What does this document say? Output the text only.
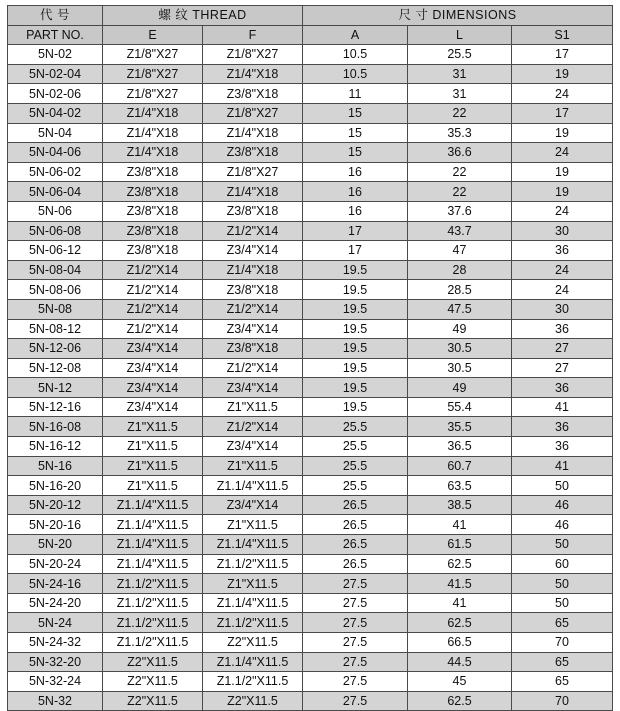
代 号	螺 纹 THREAD		尺 寸 DIMENSIONS		
PART NO.	E	F	A	L	S1
5N-02	Z1/8"X27	Z1/8"X27	10.5	25.5	17
5N-02-04	Z1/8"X27	Z1/4"X18	10.5	31	19
5N-02-06	Z1/8"X27	Z3/8"X18	11	31	24
5N-04-02	Z1/4"X18	Z1/8"X27	15	22	17
5N-04	Z1/4"X18	Z1/4"X18	15	35.3	19
5N-04-06	Z1/4"X18	Z3/8"X18	15	36.6	24
5N-06-02	Z3/8"X18	Z1/8"X27	16	22	19
5N-06-04	Z3/8"X18	Z1/4"X18	16	22	19
5N-06	Z3/8"X18	Z3/8"X18	16	37.6	24
5N-06-08	Z3/8"X18	Z1/2"X14	17	43.7	30
5N-06-12	Z3/8"X18	Z3/4"X14	17	47	36
5N-08-04	Z1/2"X14	Z1/4"X18	19.5	28	24
5N-08-06	Z1/2"X14	Z3/8"X18	19.5	28.5	24
5N-08	Z1/2"X14	Z1/2"X14	19.5	47.5	30
5N-08-12	Z1/2"X14	Z3/4"X14	19.5	49	36
5N-12-06	Z3/4"X14	Z3/8"X18	19.5	30.5	27
5N-12-08	Z3/4"X14	Z1/2"X14	19.5	30.5	27
5N-12	Z3/4"X14	Z3/4"X14	19.5	49	36
5N-12-16	Z3/4"X14	Z1"X11.5	19.5	55.4	41
5N-16-08	Z1"X11.5	Z1/2"X14	25.5	35.5	36
5N-16-12	Z1"X11.5	Z3/4"X14	25.5	36.5	36
5N-16	Z1"X11.5	Z1"X11.5	25.5	60.7	41
5N-16-20	Z1"X11.5	Z1.1/4"X11.5	25.5	63.5	50
5N-20-12	Z1.1/4"X11.5	Z3/4"X14	26.5	38.5	46
5N-20-16	Z1.1/4"X11.5	Z1"X11.5	26.5	41	46
5N-20	Z1.1/4"X11.5	Z1.1/4"X11.5	26.5	61.5	50
5N-20-24	Z1.1/4"X11.5	Z1.1/2"X11.5	26.5	62.5	60
5N-24-16	Z1.1/2"X11.5	Z1"X11.5	27.5	41.5	50
5N-24-20	Z1.1/2"X11.5	Z1.1/4"X11.5	27.5	41	50
5N-24	Z1.1/2"X11.5	Z1.1/2"X11.5	27.5	62.5	65
5N-24-32	Z1.1/2"X11.5	Z2"X11.5	27.5	66.5	70
5N-32-20	Z2"X11.5	Z1.1/4"X11.5	27.5	44.5	65
5N-32-24	Z2"X11.5	Z1.1/2"X11.5	27.5	45	65
5N-32	Z2"X11.5	Z2"X11.5	27.5	62.5	70
